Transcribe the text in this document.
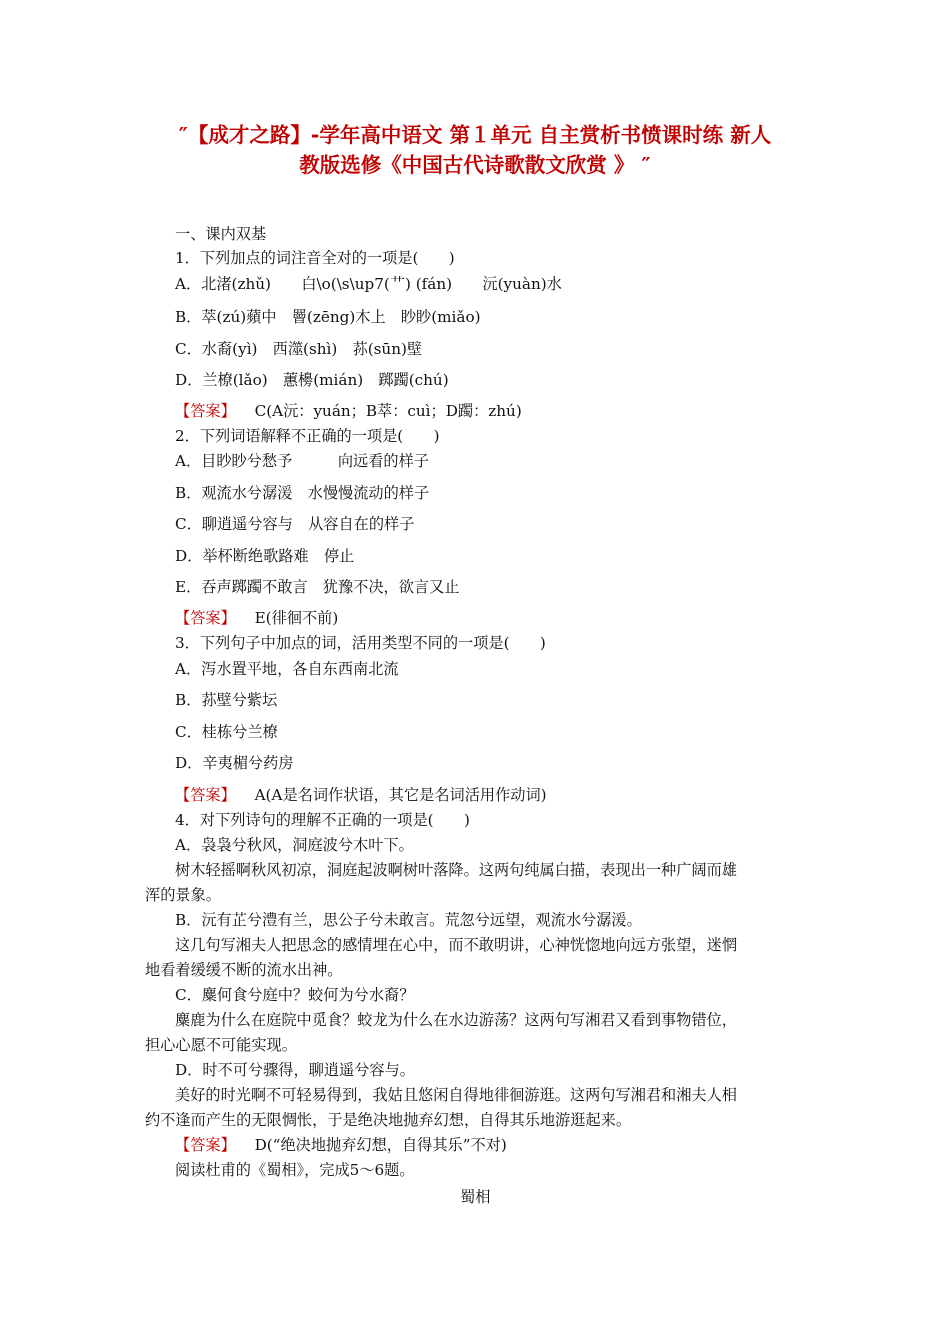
″【成才之路】-学年高中语文 第１单元 自主赏析书愤课时练 新人
教版选修《中国古代诗歌散文欣赏 》 ″
一、课内双基
1．下列加点的词注音全对的一项是(　　)
A．北渚(zhǔ)　　白\o(\s\up7(艹) (fán)　　沅(yuàn)水
B．萃(zú)蘋中　罾(zēng)木上　眇眇(miǎo)
C．水裔(yì)　西澨(shì)　荪(sūn)壁
D．兰橑(lǎo)　蕙櫋(mián)　踯躅(chú)
【答案】 C(A沅：yuán；B萃：cuì；D躅：zhú)
2．下列词语解释不正确的一项是(　　)
A．目眇眇兮愁予　　　向远看的样子
B．观流水兮潺湲　水慢慢流动的样子
C．聊逍遥兮容与　从容自在的样子
D．举杯断绝歌路难　停止
E．吞声踯躅不敢言　犹豫不决，欲言又止
【答案】 E(徘徊不前)
3．下列句子中加点的词，活用类型不同的一项是(　　)
A．泻水置平地，各自东西南北流
B．荪壁兮紫坛
C．桂栋兮兰橑
D．辛夷楣兮药房
【答案】 A(A是名词作状语，其它是名词活用作动词)
4．对下列诗句的理解不正确的一项是(　　)
A．袅袅兮秋风，洞庭波兮木叶下。
树木轻摇啊秋风初凉，洞庭起波啊树叶落降。这两句纯属白描，表现出一种广阔而雄
浑的景象。
B．沅有芷兮澧有兰，思公子兮未敢言。荒忽兮远望，观流水兮潺湲。
这几句写湘夫人把思念的感情埋在心中，而不敢明讲，心神恍惚地向远方张望，迷惘
地看着缓缓不断的流水出神。
C．麋何食兮庭中？蛟何为兮水裔？
麋鹿为什么在庭院中觅食？蛟龙为什么在水边游荡？这两句写湘君又看到事物错位，
担心心愿不可能实现。
D．时不可兮骤得，聊逍遥兮容与。
美好的时光啊不可轻易得到，我姑且悠闲自得地徘徊游逛。这两句写湘君和湘夫人相
约不逢而产生的无限惆怅，于是绝决地抛弃幻想，自得其乐地游逛起来。
【答案】 D(“绝决地抛弃幻想，自得其乐”不对)
阅读杜甫的《蜀相》，完成5～6题。
蜀相
